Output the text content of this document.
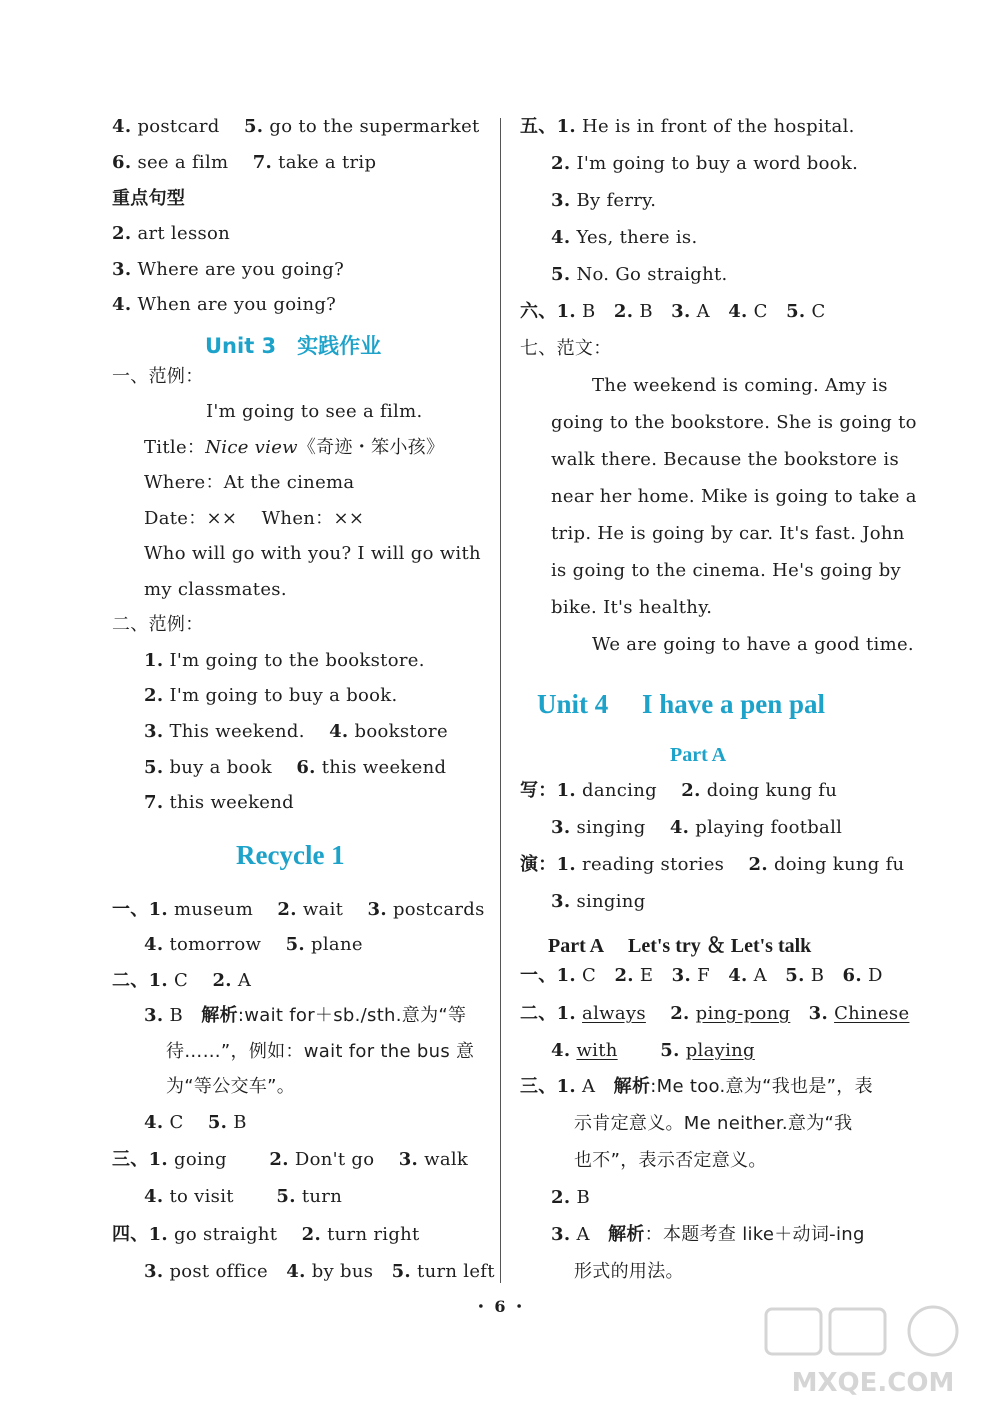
4. postcard　 5. go to the supermarket
6. see a film　 7. take a trip
重点句型
2. art lesson
3. Where are you going?
4. When are you going?
Unit 3　实践作业
一、范例：
I'm going to see a film.
Title：Nice view《奇迹・笨小孩》
Where：At the cinema
Date：××　 When：××
Who will go with you? I will go with
my classmates.
二、范例：
1. I'm going to the bookstore.
2. I'm going to buy a book.
3. This weekend.　 4. bookstore
5. buy a book　 6. this weekend
7. this weekend
Recycle 1
一、1. museum　 2. wait　 3. postcards
4. tomorrow　 5. plane
二、1. C　 2. A
3. B　 解析:wait for＋sb./sth.意为“等
待……”，例如：wait for the bus 意
为“等公交车”。
4. C　 5. B
三、1. going　　 2. Don't go　 3. walk
4. to visit　　 5. turn
四、1. go straight　 2. turn right
3. post office　 4. by bus　 5. turn left
五、1. He is in front of the hospital.
2. I'm going to buy a word book.
3. By ferry.
4. Yes, there is.
5. No. Go straight.
六、1. B　 2. B　 3. A　 4. C　 5. C
七、范文：
The weekend is coming. Amy is
going to the bookstore. She is going to
walk there. Because the bookstore is
near her home. Mike is going to take a
trip. He is going by car. It's fast. John
is going to the cinema. He's going by
bike. It's healthy.
We are going to have a good time.
Unit 4　 I have a pen pal
Part A
写：1. dancing　 2. doing kung fu
3. singing　 4. playing football
演：1. reading stories　 2. doing kung fu
3. singing
Part A　 Let's try ＆ Let's talk
一、1. C　 2. E　 3. F　 4. A　 5. B　 6. D
二、1. always　 2. ping-pong　 3. Chinese
4. with　　 5. playing
三、1. A　 解析:Me too.意为“我也是”，表
示肯定意义。Me neither.意为“我
也不”，表示否定意义。
2. B
3. A　 解析：本题考查 like＋动词-ing
形式的用法。
・ 6 ・
MXQE.COM
